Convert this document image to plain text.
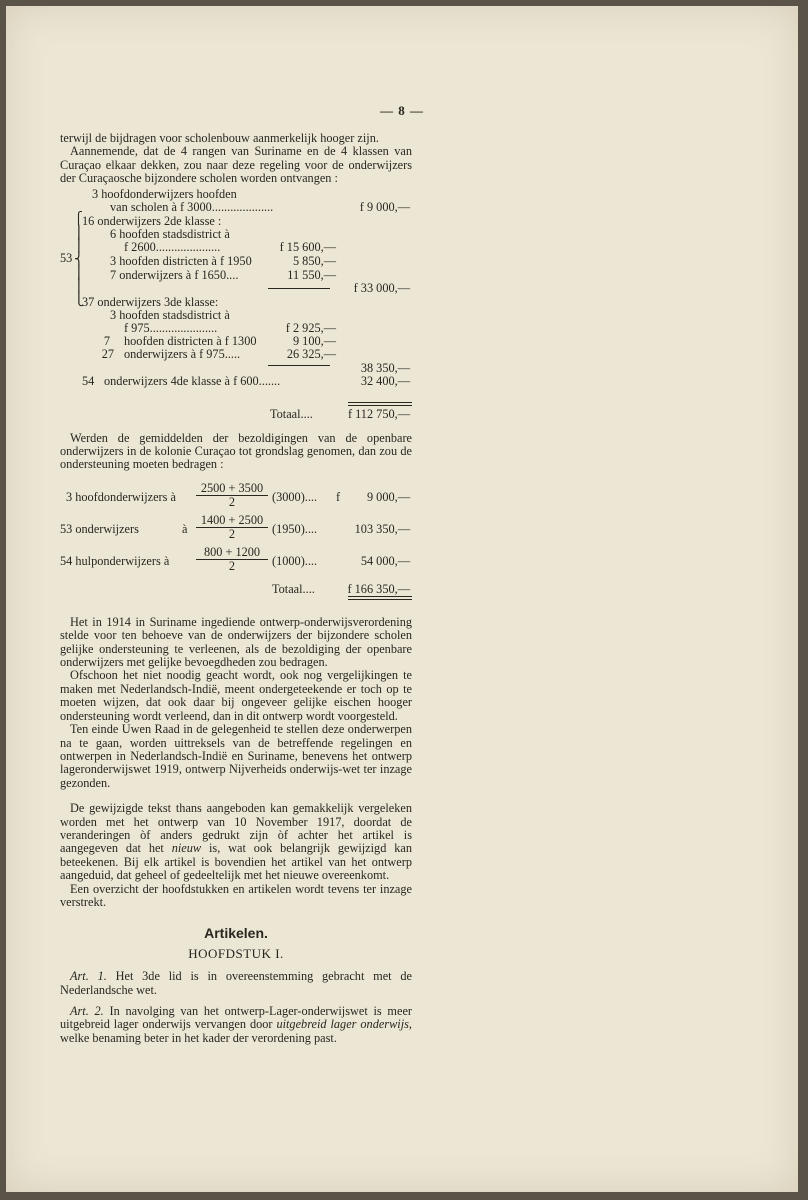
— 8 —

terwijl de bijdragen voor scholenbouw aanmerkelijk hooger zijn.

Aannemende, dat de 4 rangen van Suriname en de 4 klassen van Curaçao elkaar dekken, zou naar deze regeling voor de onderwijzers der Curaçaosche bijzondere scholen worden ontvangen :

3 hoofdonderwijzers hoofden
van scholen à f 3000....................	f 9 000,—
⎧
⎪
⎪
53 ⎨
⎪
⎪
⎩
16 onderwijzers 2de klasse :
6 hoofden stadsdistrict à
f 2600.....................	f 15 600,—
3 hoofden districten à f 1950	5 850,—
7 onderwijzers à f 1650....	11 550,—
f 33 000,—
37 onderwijzers 3de klasse:
3 hoofden stadsdistrict à
f 975......................	f 2 925,—
7 hoofden districten à f 1300	9 100,—
27 onderwijzers à f 975.....	26 325,—
38 350,—
54 onderwijzers 4de klasse à f 600.......	32 400,—
Totaal....	f 112 750,—

Werden de gemiddelden der bezoldigingen van de openbare onderwijzers in de kolonie Curaçao tot grondslag genomen, dan zou de ondersteuning moeten bedragen :

3 hoofdonderwijzers à $\frac{2500 + 3500}{2} (3000)$.... f 9 000,—
53 onderwijzers	à $\frac{1400 + 2500}{2} (1950)$....	103 350,—
54 hulponderwijzers à $\frac{800 + 1200}{2} (1000)$....	54 000,—
Totaal....	f 166 350,—

Het in 1914 in Suriname ingediende ontwerp-onderwijsverordening stelde voor ten behoeve van de onderwijzers der bijzondere scholen gelijke ondersteuning te verleenen, als de bezoldiging der openbare onderwijzers met gelijke bevoegdheden zou bedragen.

Ofschoon het niet noodig geacht wordt, ook nog vergelijkingen te maken met Nederlandsch-Indië, meent ondergeteekende er toch op te moeten wijzen, dat ook daar bij ongeveer gelijke eischen hooger ondersteuning wordt verleend, dan in dit ontwerp wordt voorgesteld.

Ten einde Uwen Raad in de gelegenheid te stellen deze onderwerpen na te gaan, worden uittreksels van de betreffende regelingen en ontwerpen in Nederlandsch-Indië en Suriname, benevens het ontwerp lageronderwijswet 1919, ontwerp Nijverheids onderwijs-wet ter inzage gezonden.

De gewijzigde tekst thans aangeboden kan gemakkelijk vergeleken worden met het ontwerp van 10 November 1917, doordat de veranderingen òf anders gedrukt zijn òf achter het artikel is aangegeven dat het nieuw is, wat ook belangrijk gewijzigd kan beteekenen. Bij elk artikel is bovendien het artikel van het ontwerp aangeduid, dat geheel of gedeeltelijk met het nieuwe overeenkomt.

Een overzicht der hoofdstukken en artikelen wordt tevens ter inzage verstrekt.

Artikelen.
HOOFDSTUK I.

Art. 1. Het 3de lid is in overeenstemming gebracht met de Nederlandsche wet.

Art. 2. In navolging van het ontwerp-Lager-onderwijswet is meer uitgebreid lager onderwijs vervangen door uitgebreid lager onderwijs, welke benaming beter in het kader der verordening past.
